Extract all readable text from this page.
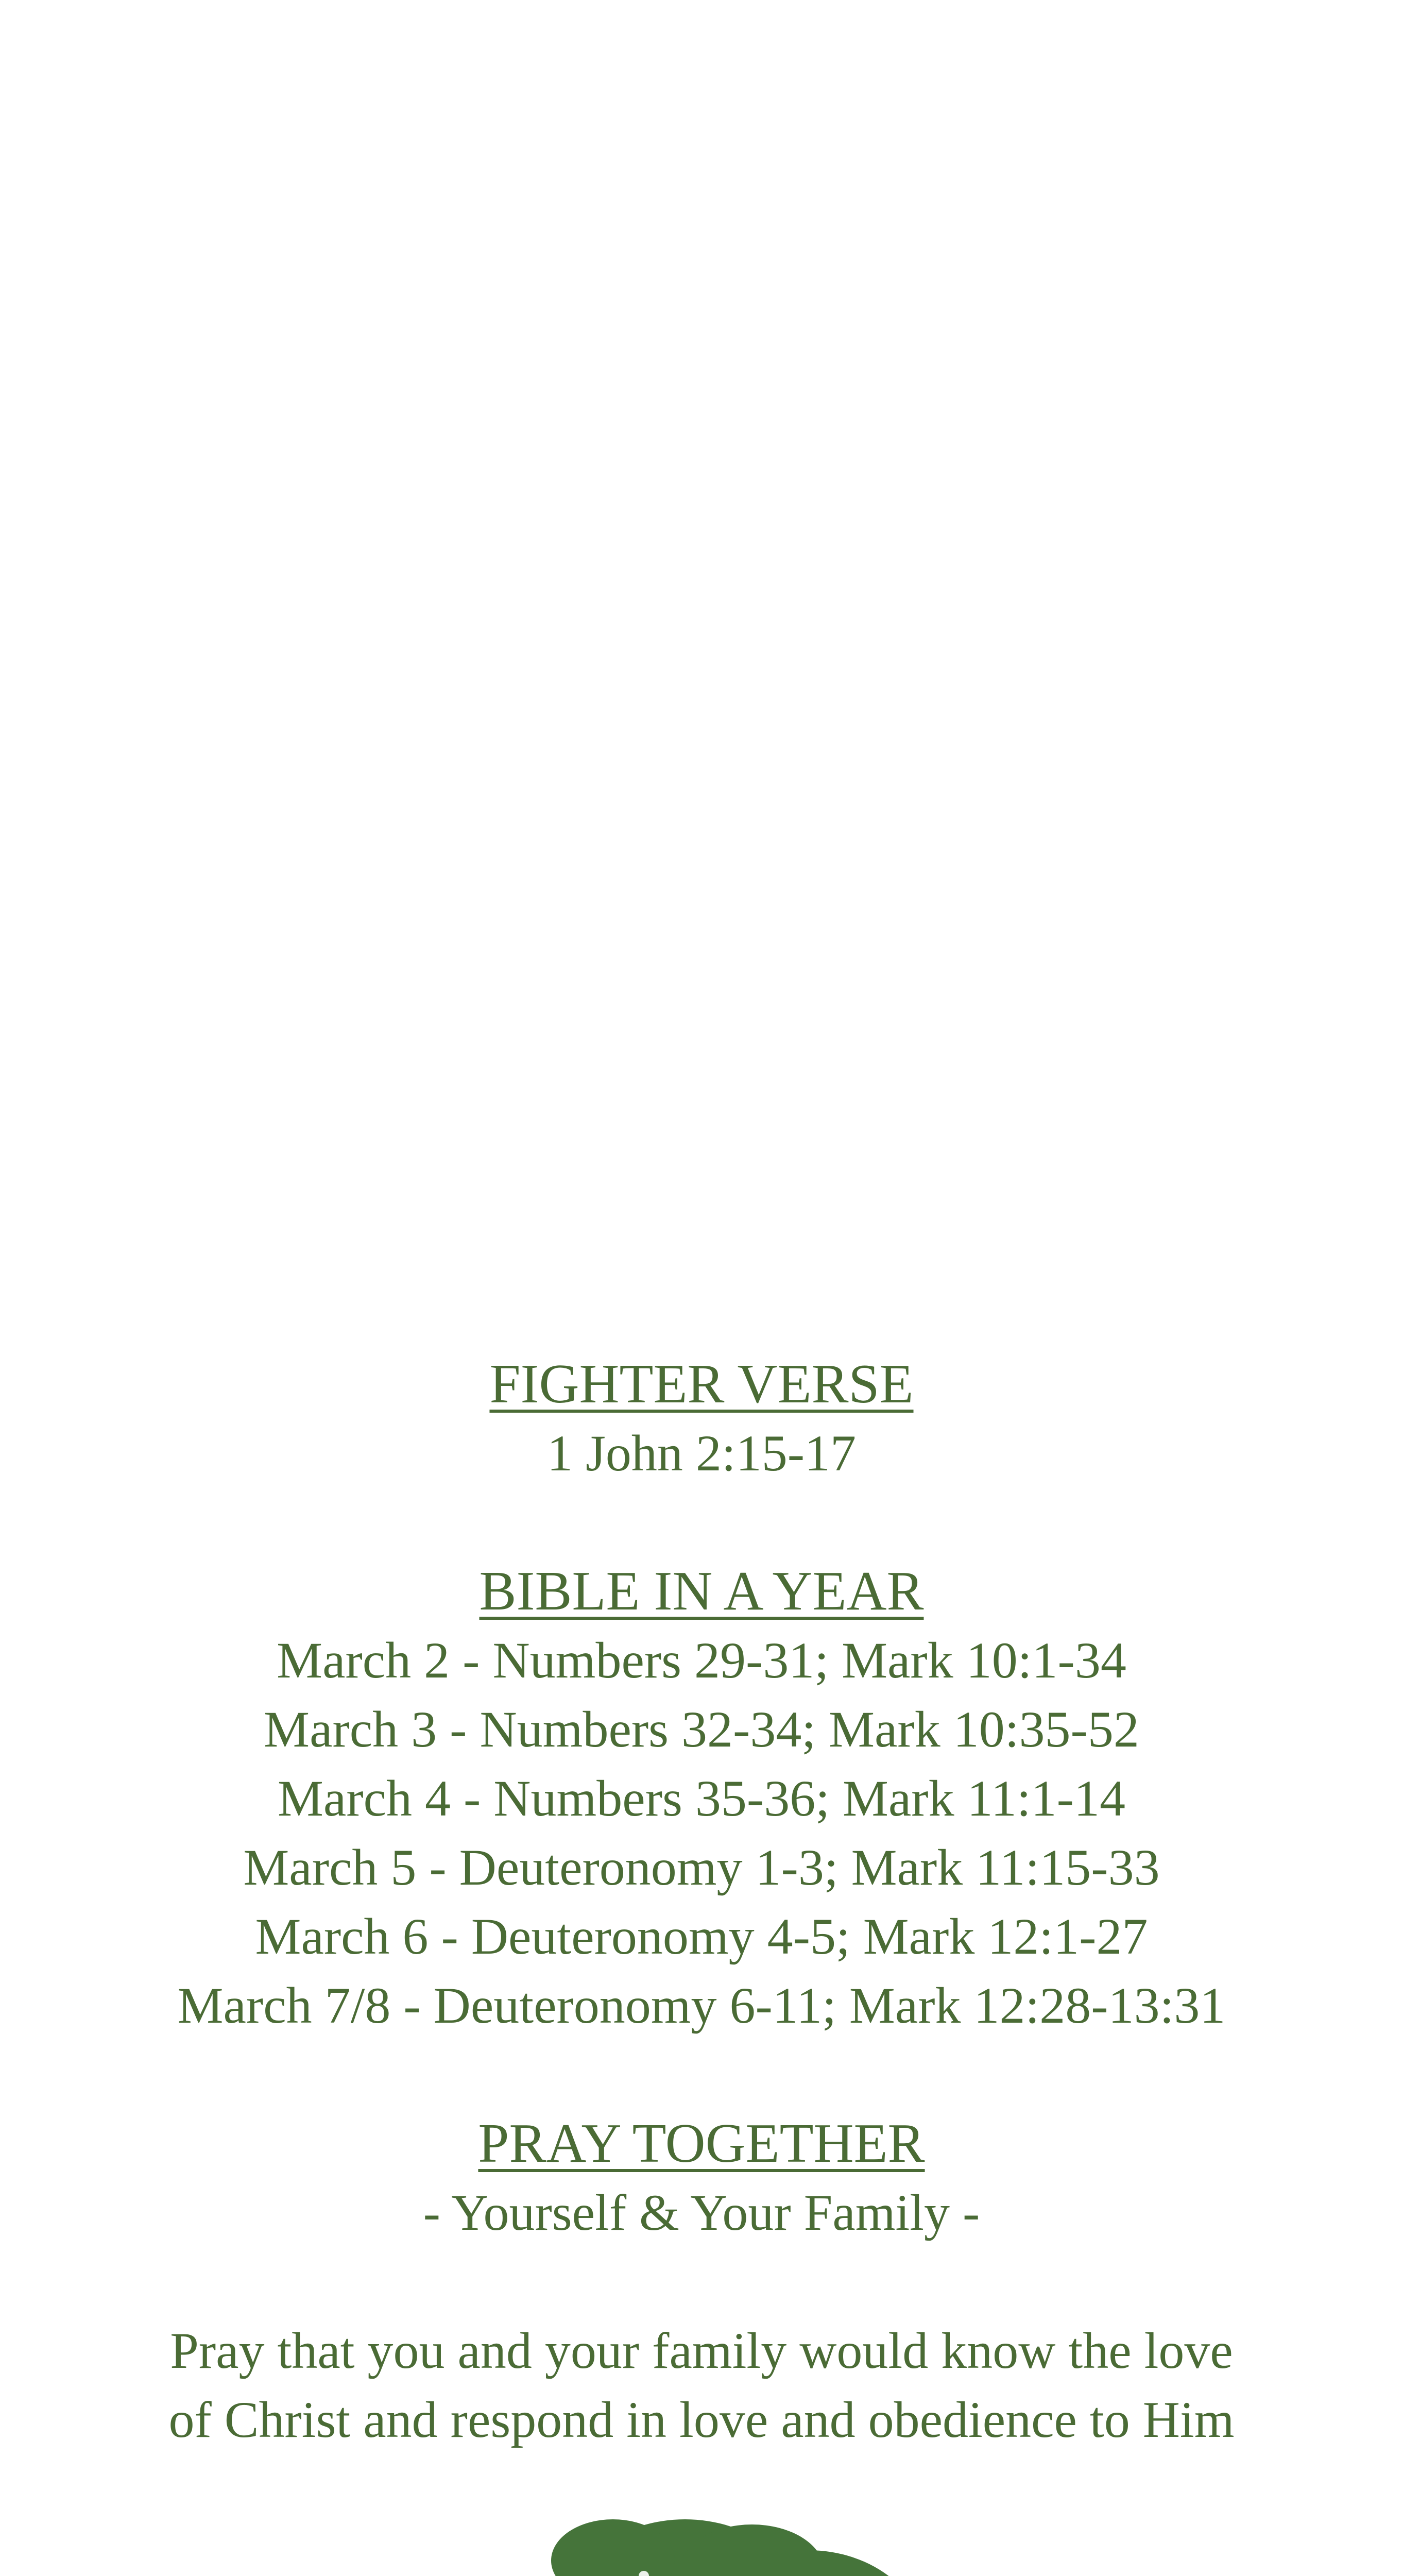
FIGHTER VERSE

1 John 2:15-17

BIBLE IN A YEAR

March 2 - Numbers 29-31; Mark 10:1-34

March 3 - Numbers 32-34; Mark 10:35-52

March 4 - Numbers 35-36; Mark 11:1-14

March 5 - Deuteronomy 1-3; Mark 11:15-33

March 6 - Deuteronomy 4-5; Mark 12:1-27

March 7/8 - Deuteronomy 6-11; Mark 12:28-13:31

PRAY TOGETHER

- Yourself & Your Family -

Pray that you and your family would know the love

of Christ and respond in love and obedience to Him
